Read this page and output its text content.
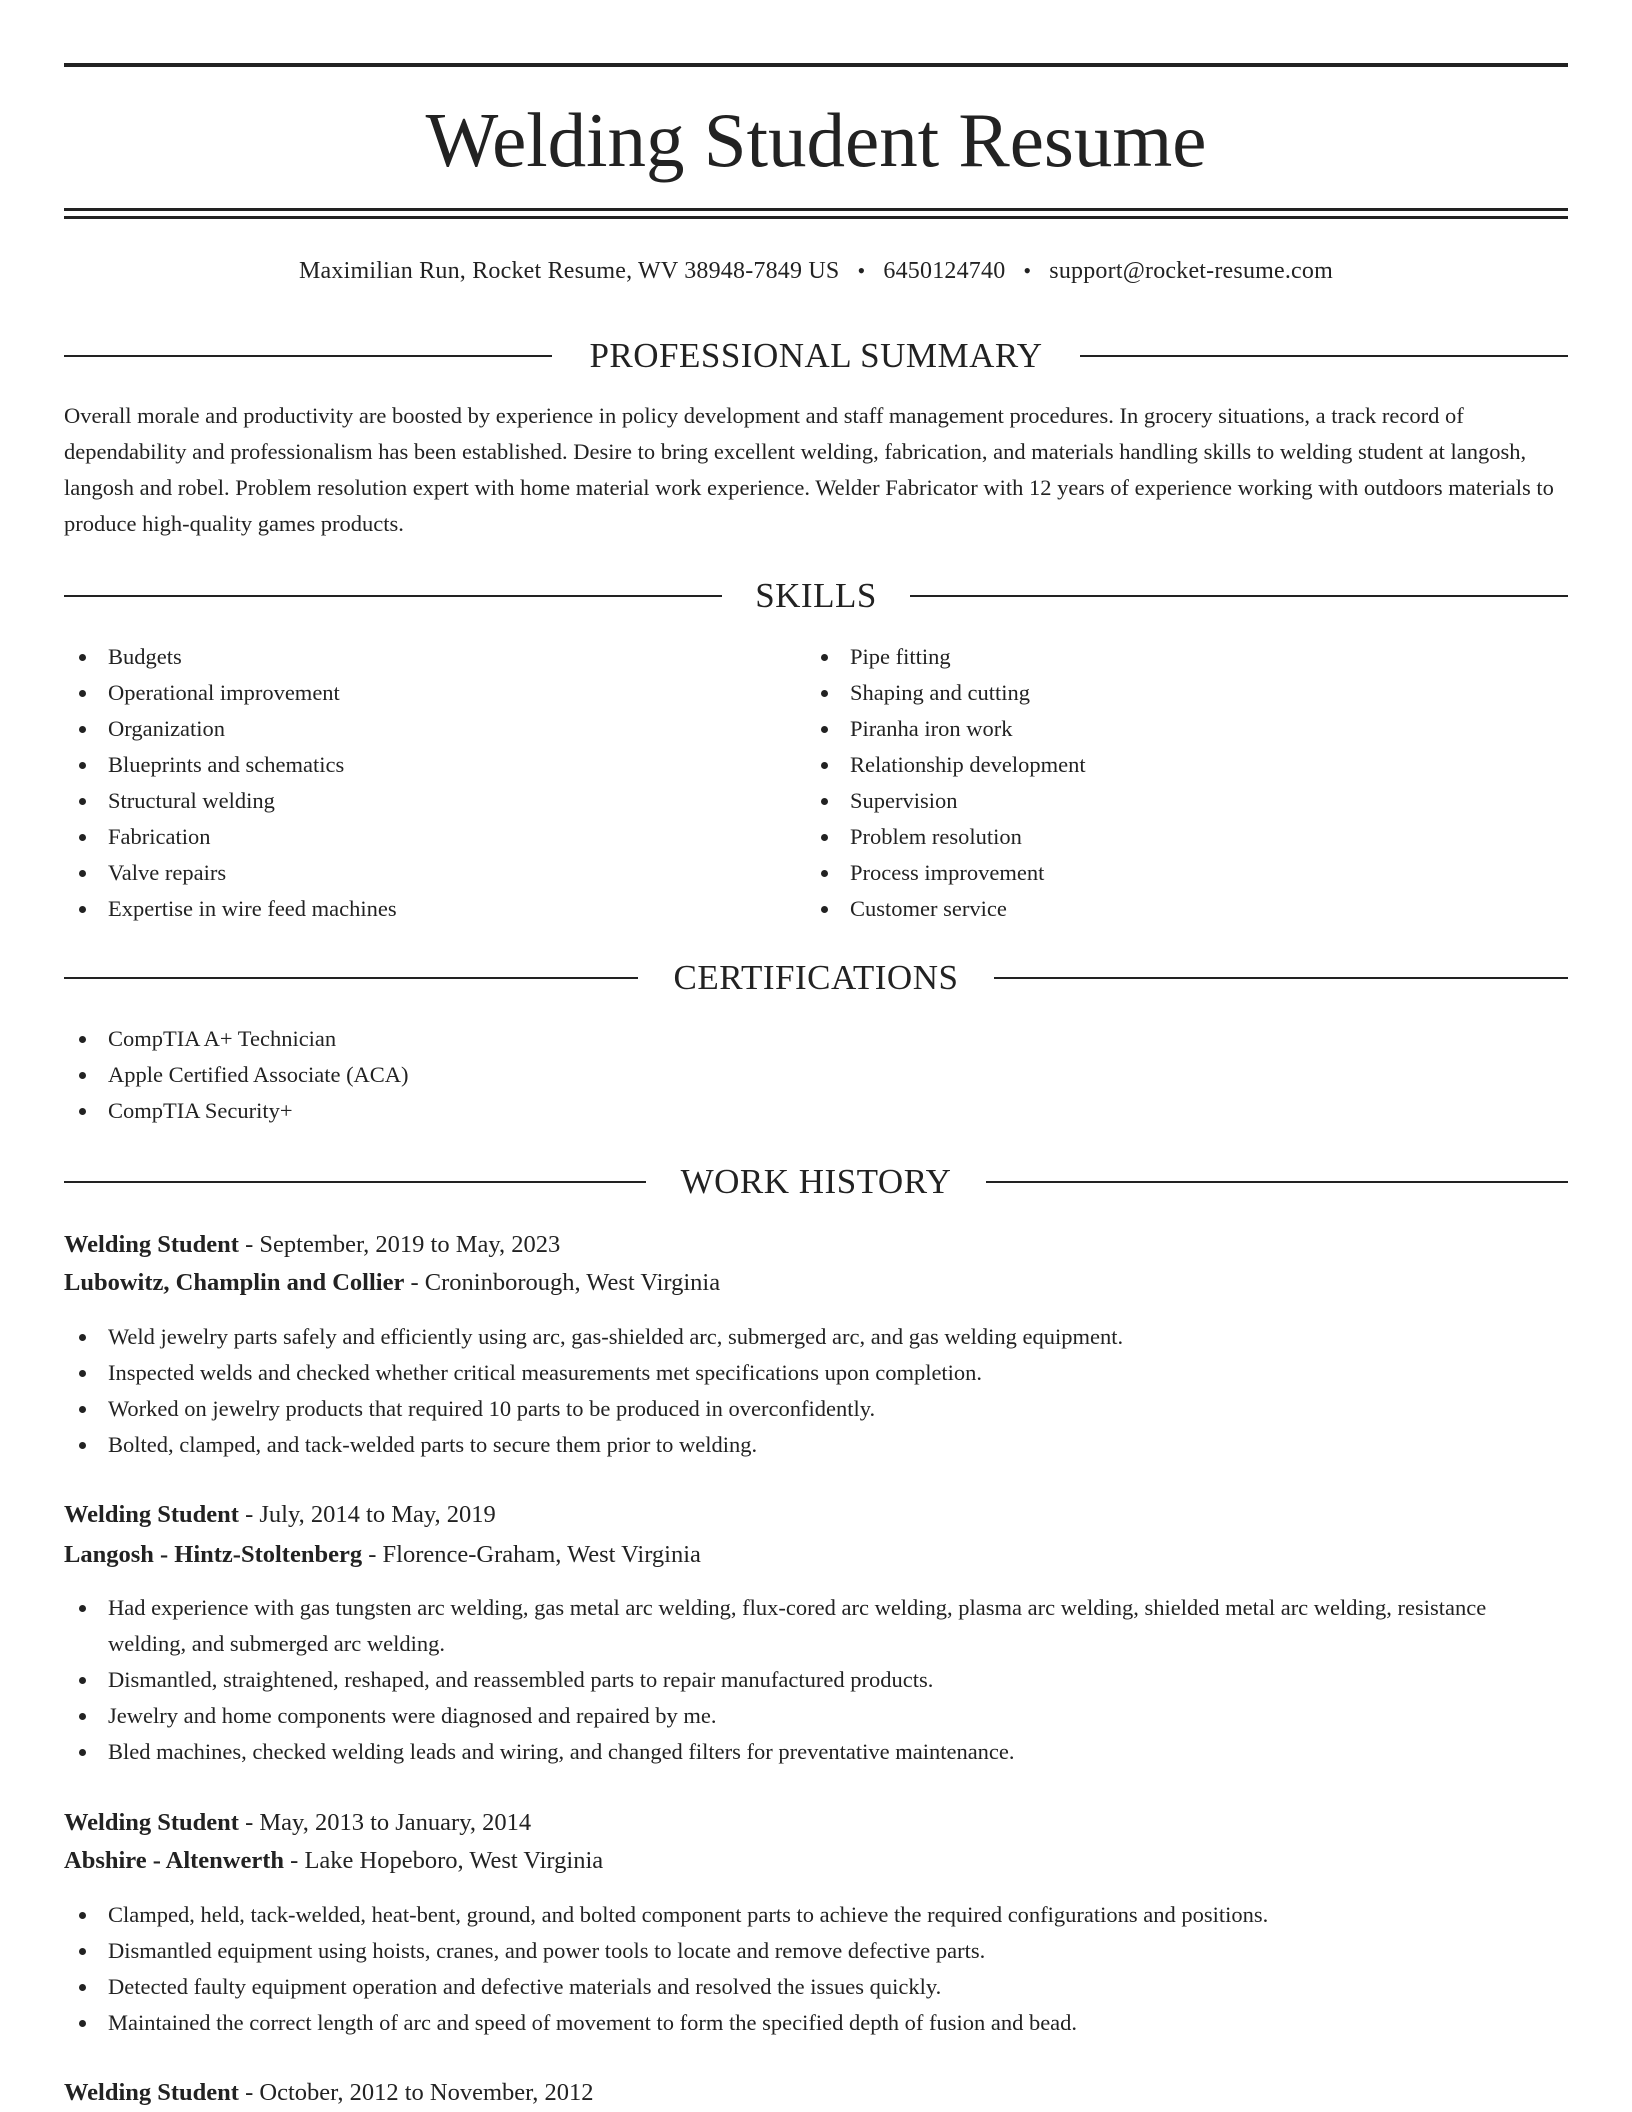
Welding Student Resume
Maximilian Run, Rocket Resume, WV 38948-7849 US • 6450124740 • support@rocket-resume.com
PROFESSIONAL SUMMARY

Overall morale and productivity are boosted by experience in policy development and staff management procedures. In grocery situations, a track record of dependability and professionalism has been established. Desire to bring excellent welding, fabrication, and materials handling skills to welding student at langosh, langosh and robel. Problem resolution expert with home material work experience. Welder Fabricator with 12 years of experience working with outdoors materials to produce high-quality games products.

SKILLS
Budgets
Operational improvement
Organization
Blueprints and schematics
Structural welding
Fabrication
Valve repairs
Expertise in wire feed machines
Pipe fitting
Shaping and cutting
Piranha iron work
Relationship development
Supervision
Problem resolution
Process improvement
Customer service
CERTIFICATIONS
CompTIA A+ Technician
Apple Certified Associate (ACA)
CompTIA Security+
WORK HISTORY
Welding Student - September, 2019 to May, 2023
Lubowitz, Champlin and Collier - Croninborough, West Virginia
Weld jewelry parts safely and efficiently using arc, gas-shielded arc, submerged arc, and gas welding equipment.
Inspected welds and checked whether critical measurements met specifications upon completion.
Worked on jewelry products that required 10 parts to be produced in overconfidently.
Bolted, clamped, and tack-welded parts to secure them prior to welding.
Welding Student - July, 2014 to May, 2019
Langosh - Hintz-Stoltenberg - Florence-Graham, West Virginia
Had experience with gas tungsten arc welding, gas metal arc welding, flux-cored arc welding, plasma arc welding, shielded metal arc welding, resistance welding, and submerged arc welding.
Dismantled, straightened, reshaped, and reassembled parts to repair manufactured products.
Jewelry and home components were diagnosed and repaired by me.
Bled machines, checked welding leads and wiring, and changed filters for preventative maintenance.
Welding Student - May, 2013 to January, 2014
Abshire - Altenwerth - Lake Hopeboro, West Virginia
Clamped, held, tack-welded, heat-bent, ground, and bolted component parts to achieve the required configurations and positions.
Dismantled equipment using hoists, cranes, and power tools to locate and remove defective parts.
Detected faulty equipment operation and defective materials and resolved the issues quickly.
Maintained the correct length of arc and speed of movement to form the specified depth of fusion and bead.
Welding Student - October, 2012 to November, 2012
